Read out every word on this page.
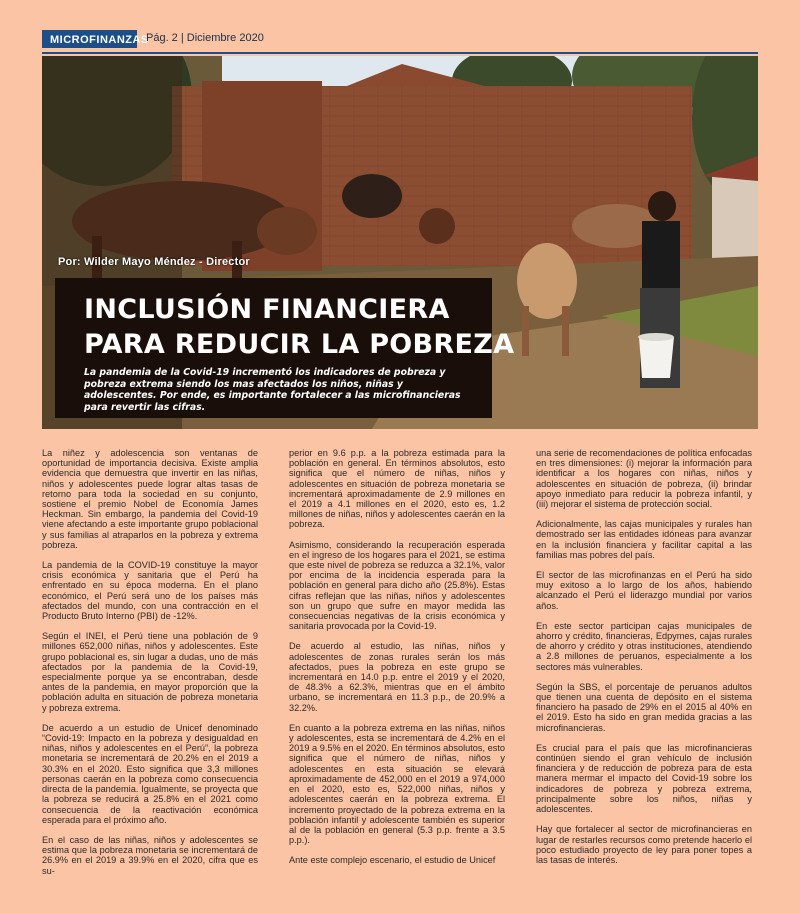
MICROFINANZAS
Pág. 2 | Diciembre 2020
Por: Wilder Mayo Méndez - Director
INCLUSIÓN FINANCIERA
PARA REDUCIR LA POBREZA

La pandemia de la Covid-19 incrementó los indicadores de pobreza y pobreza extrema siendo los mas afectados los niños, niñas y adolescentes. Por ende, es importante fortalecer a las microfinancieras para revertir las cifras.

La niñez y adolescencia son ventanas de oportunidad de importancia decisiva. Existe amplia evidencia que demuestra que invertir en las niñas, niños y adolescentes puede lograr altas tasas de retorno para toda la sociedad en su conjunto, sostiene el premio Nobel de Economía James Heckman. Sin embargo, la pandemia del Covid-19 viene afectando a este importante grupo poblacional y sus familias al atraparlos en la pobreza y extrema pobreza.

La pandemia de la COVID-19 constituye la mayor crisis económica y sanitaria que el Perú ha enfrentado en su época moderna. En el plano económico, el Perú será uno de los países más afectados del mundo, con una contracción en el Producto Bruto Interno (PBI) de -12%.

Según el INEI, el Perú tiene una población de 9 millones 652,000 niñas, niños y adolescentes. Este grupo poblacional es, sin lugar a dudas, uno de más afectados por la pandemia de la Covid-19, especialmente porque ya se encontraban, desde antes de la pandemia, en mayor proporción que la población adulta en situación de pobreza monetaria y pobreza extrema.

De acuerdo a un estudio de Unicef denominado “Covid-19: Impacto en la pobreza y desigualdad en niñas, niños y adolescentes en el Perú”, la pobreza monetaria se incrementará de 20.2% en el 2019 a 30.3% en el 2020. Esto significa que 3,3 millones personas caerán en la pobreza como consecuencia directa de la pandemia. Igualmente, se proyecta que la pobreza se reducirá a 25.8% en el 2021 como consecuencia de la reactivación económica esperada para el próximo año.

En el caso de las niñas, niños y adolescentes se estima que la pobreza monetaria se incrementará de 26.9% en el 2019 a 39.9% en el 2020, cifra que es su-

perior en 9.6 p.p. a la pobreza estimada para la población en general. En términos absolutos, esto significa que el número de niñas, niños y adolescentes en situación de pobreza monetaria se incrementará aproximadamente de 2.9 millones en el 2019 a 4.1 millones en el 2020, esto es, 1.2 millones de niñas, niños y adolescentes caerán en la pobreza.

Asimismo, considerando la recuperación esperada en el ingreso de los hogares para el 2021, se estima que este nivel de pobreza se reduzca a 32.1%, valor por encima de la incidencia esperada para la población en general para dicho año (25.8%). Estas cifras reflejan que las niñas, niños y adolescentes son un grupo que sufre en mayor medida las consecuencias negativas de la crisis económica y sanitaria provocada por la Covid-19.

De acuerdo al estudio, las niñas, niños y adolescentes de zonas rurales serán los más afectados, pues la pobreza en este grupo se incrementará en 14.0 p.p. entre el 2019 y el 2020, de 48.3% a 62.3%, mientras que en el ámbito urbano, se incrementará en 11.3 p.p., de 20.9% a 32.2%.

En cuanto a la pobreza extrema en las niñas, niños y adolescentes, esta se incrementará de 4.2% en el 2019 a 9.5% en el 2020. En términos absolutos, esto significa que el número de niñas, niños y adolescentes en esta situación se elevará aproximadamente de 452,000 en el 2019 a 974,000 en el 2020, esto es, 522,000 niñas, niños y adolescentes caerán en la pobreza extrema. El incremento proyectado de la pobreza extrema en la población infantil y adolescente también es superior al de la población en general (5.3 p.p. frente a 3.5 p.p.).

Ante este complejo escenario, el estudio de Unicef

una serie de recomendaciones de política enfocadas en tres dimensiones: (i) mejorar la información para identificar a los hogares con niñas, niños y adolescentes en situación de pobreza, (ii) brindar apoyo inmediato para reducir la pobreza infantil, y (iii) mejorar el sistema de protección social.

Adicionalmente, las cajas municipales y rurales han demostrado ser las entidades idóneas para avanzar en la inclusión financiera y facilitar capital a las familias mas pobres del país.

El sector de las microfinanzas en el Perú ha sido muy exitoso a lo largo de los años, habiendo alcanzado el Perú el liderazgo mundial por varios años.

En este sector participan cajas municipales de ahorro y crédito, financieras, Edpymes, cajas rurales de ahorro y crédito y otras instituciones, atendiendo a 2.8 millones de peruanos, especialmente a los sectores más vulnerables.

Según la SBS, el porcentaje de peruanos adultos que tienen una cuenta de depósito en el sistema financiero ha pasado de 29% en el 2015 al 40% en el 2019. Esto ha sido en gran medida gracias a las microfinancieras.

Es crucial para el país que las microfinancieras continúen siendo el gran vehículo de inclusión financiera y de reducción de pobreza para de esta manera mermar el impacto del Covid-19 sobre los indicadores de pobreza y pobreza extrema, principalmente sobre los niños, niñas y adolescentes.

Hay que fortalecer al sector de microfinancieras en lugar de restarles recursos como pretende hacerlo el poco estudiado proyecto de ley para poner topes a las tasas de interés.
